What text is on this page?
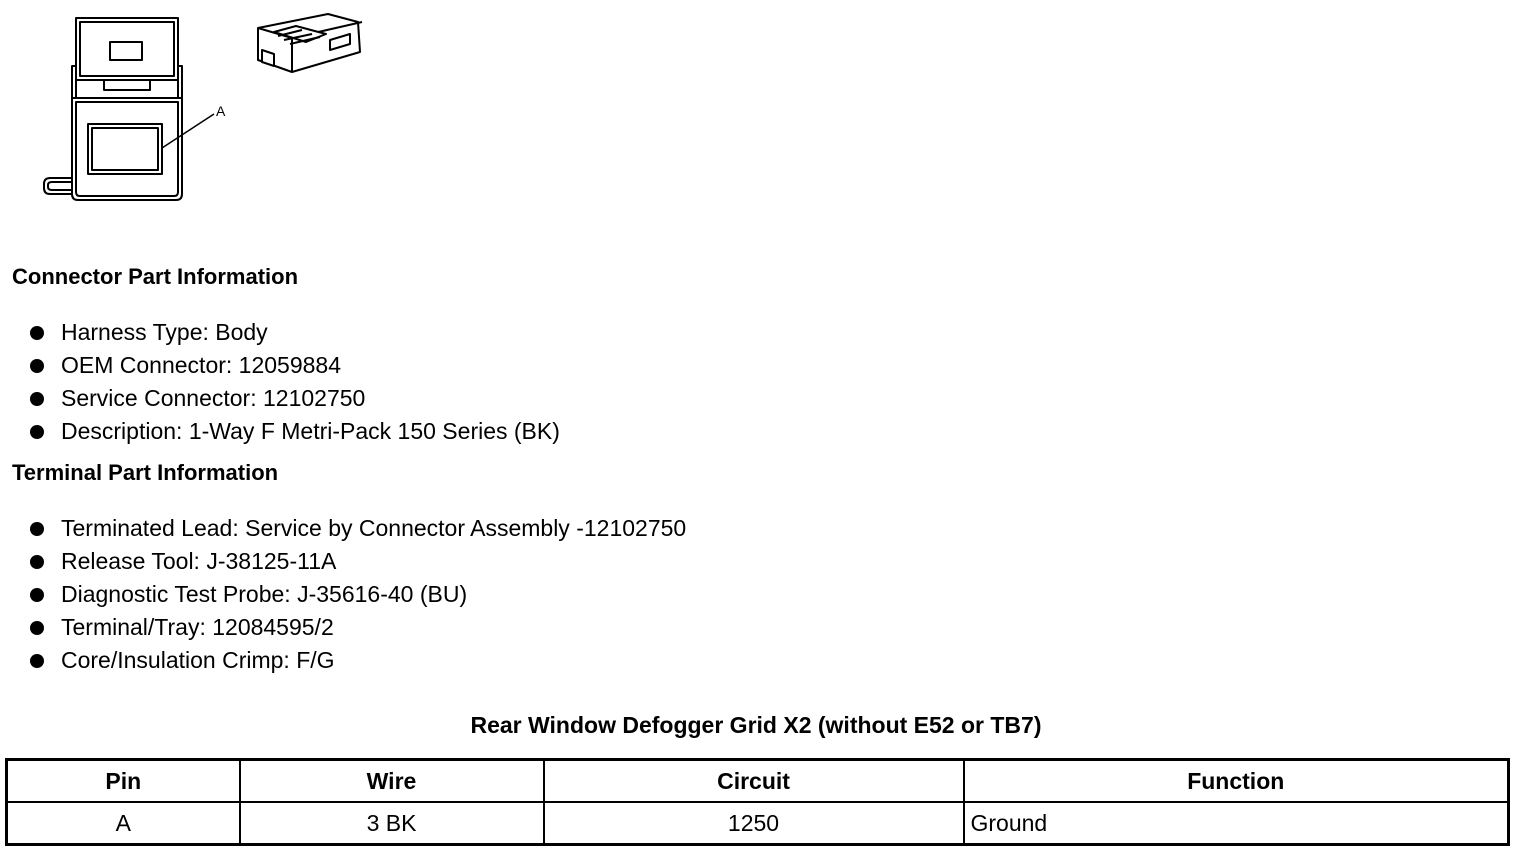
A
Connector Part Information
Harness Type: Body
OEM Connector: 12059884
Service Connector: 12102750
Description: 1-Way F Metri-Pack 150 Series (BK)
Terminal Part Information
Terminated Lead: Service by Connector Assembly -12102750
Release Tool: J-38125-11A
Diagnostic Test Probe: J-35616-40 (BU)
Terminal/Tray: 12084595/2
Core/Insulation Crimp: F/G
Rear Window Defogger Grid X2 (without E52 or TB7)
Pin	Wire	Circuit	Function
A	3 BK	1250	Ground
